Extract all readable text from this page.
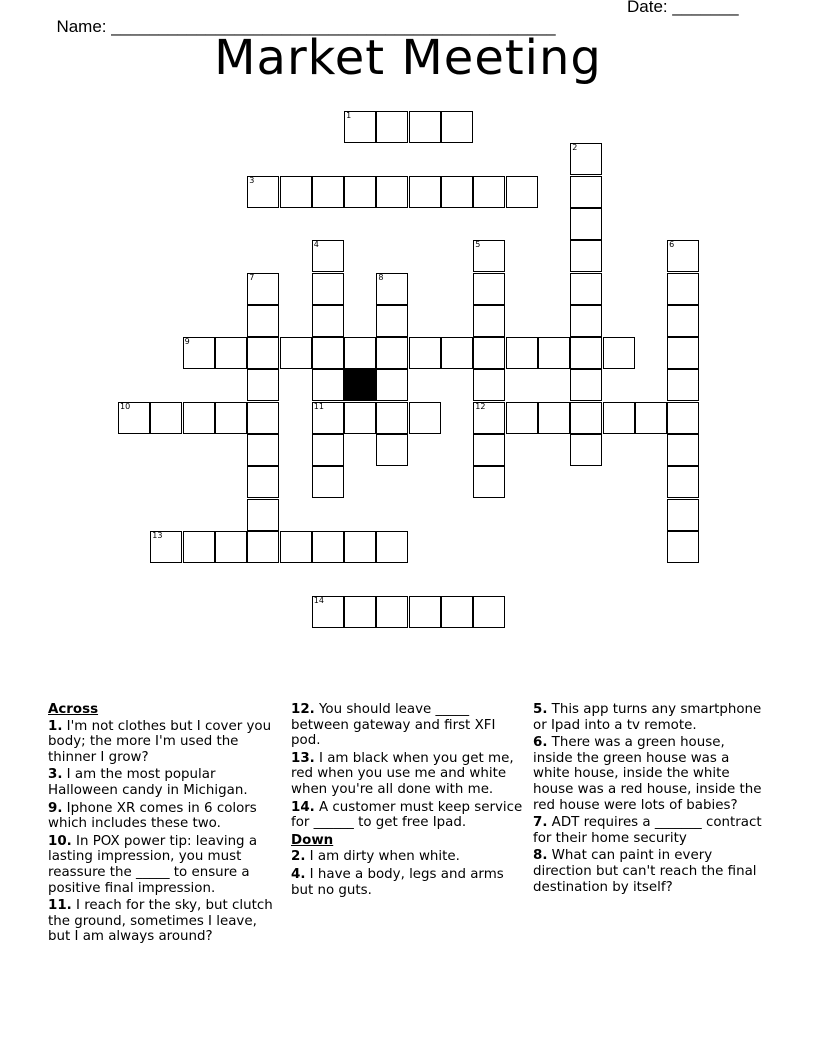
Name: _______________________________________________

Date: _______

Market Meeting
1
2
3
4
11
5
12
6
7	8
9
10
13
14
Across
1. I'm not clothes but I cover you body; the more I'm used the thinner I grow?
3. I am the most popular Halloween candy in Michigan.
9. Iphone XR comes in 6 colors which includes these two.
10. In POX power tip: leaving a lasting impression, you must reassure the _____ to ensure a positive final impression.
11. I reach for the sky, but clutch the ground, sometimes I leave, but I am always around?
12. You should leave _____ between gateway and first XFI pod.
13. I am black when you get me, red when you use me and white when you're all done with me.
14. A customer must keep service for ______ to get free Ipad.
Down
2. I am dirty when white.
4. I have a body, legs and arms but no guts.
5. This app turns any smartphone or Ipad into a tv remote.
6. There was a green house, inside the green house was a white house, inside the white house was a red house, inside the red house were lots of babies?
7. ADT requires a _______ contract for their home security
8. What can paint in every direction but can't reach the final destination by itself?
